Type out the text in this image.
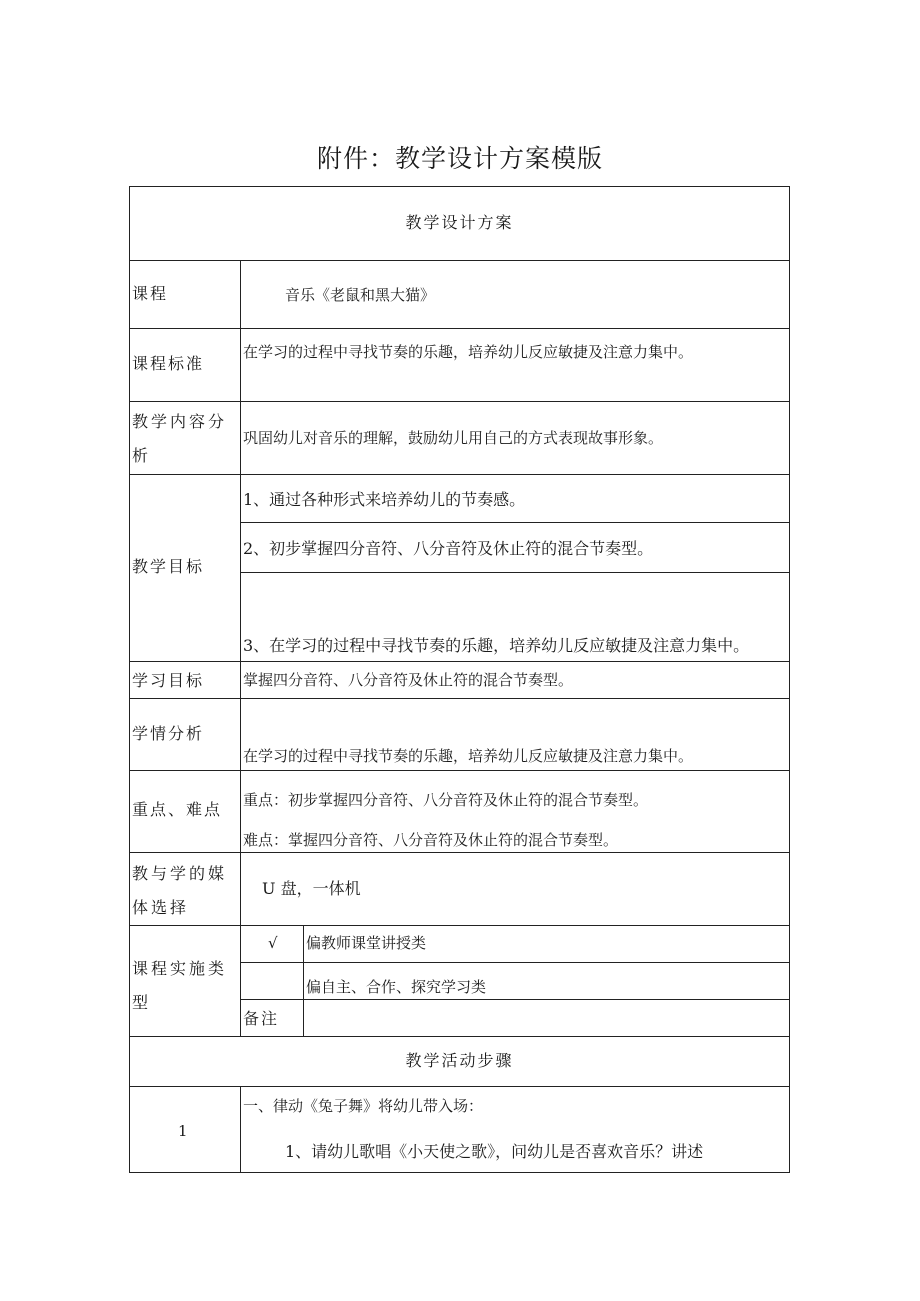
附件：教学设计方案模版
教学设计方案
课程	音乐《老鼠和黑大猫》
课程标准
在学习的过程中寻找节奏的乐趣，培养幼儿反应敏捷及注意力集中。
教学内容分析
巩固幼儿对音乐的理解，鼓励幼儿用自己的方式表现故事形象。
教学目标
1、通过各种形式来培养幼儿的节奏感。
2、初步掌握四分音符、八分音符及休止符的混合节奏型。
3、在学习的过程中寻找节奏的乐趣，培养幼儿反应敏捷及注意力集中。
学习目标	掌握四分音符、八分音符及休止符的混合节奏型。
学情分析
在学习的过程中寻找节奏的乐趣，培养幼儿反应敏捷及注意力集中。
重点、难点 重点：初步掌握四分音符、八分音符及休止符的混合节奏型。
难点：掌握四分音符、八分音符及休止符的混合节奏型。
教与学的媒体选择
U 盘，一体机
课程实施类型
√ 偏教师课堂讲授类
偏自主、合作、探究学习类
备注
教学活动步骤
1
一、律动《兔子舞》将幼儿带入场：
1、请幼儿歌唱《小天使之歌》，问幼儿是否喜欢音乐？讲述
